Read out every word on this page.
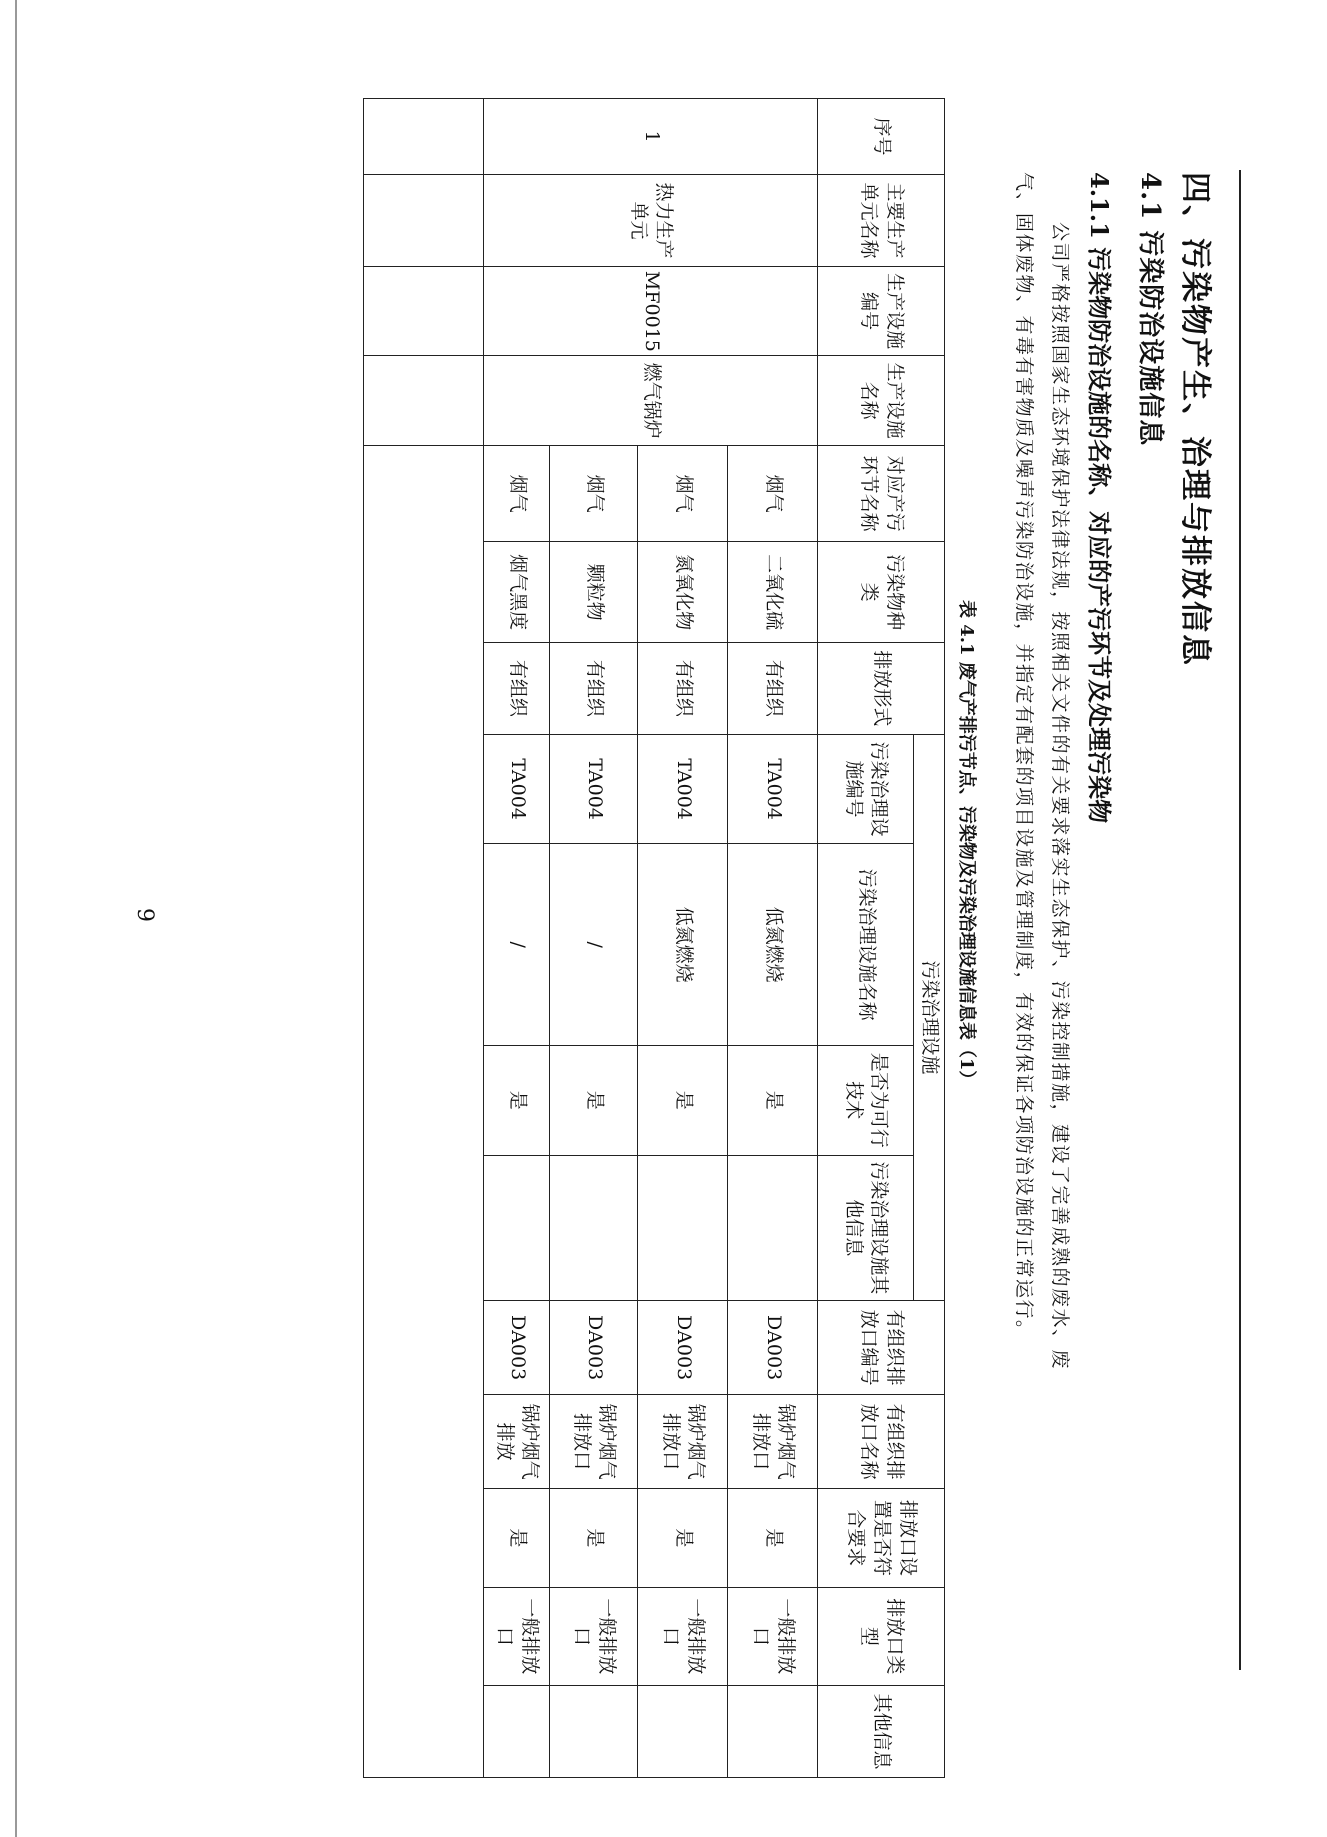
四、污染物产生、治理与排放信息
4.1 污染防治设施信息
4.1.1 污染物防治设施的名称、对应的产污环节及处理污染物
公司严格按照国家生态环境保护法律法规，按照相关文件的有关要求落实生态保护、污染控制措施，建设了完善成熟的废水、废
气、固体废物、有毒有害物质及噪声污染防治设施，并指定有配套的项目设施及管理制度，有效的保证各项防治设施的正常运行。
表 4.1 废气产排污节点、污染物及污染治理设施信息表（1）
序号	主要生产单元名称	生产设施编号	生产设施名称	对应产污环节名称	污染物种类	排放形式	污染治理设施				有组织排放口编号	有组织排放口名称	排放口设置是否符合要求	排放口类型	其他信息
							污染治理设施编号	污染治理设施名称	是否为可行技术	污染治理设施其他信息					
1	热力生产单元	MF0015	燃气锅炉	烟气	二氧化硫	有组织	TA004	低氮燃烧	是		DA003	锅炉烟气排放口	是	一般排放口	
				烟气	氮氧化物	有组织	TA004	低氮燃烧	是		DA003	锅炉烟气排放口	是	一般排放口	
				烟气	颗粒物	有组织	TA004	/	是		DA003	锅炉烟气排放口	是	一般排放口	
				烟气	烟气黑度	有组织	TA004	/	是		DA003	锅炉烟气排放	是	一般排放口	

9
